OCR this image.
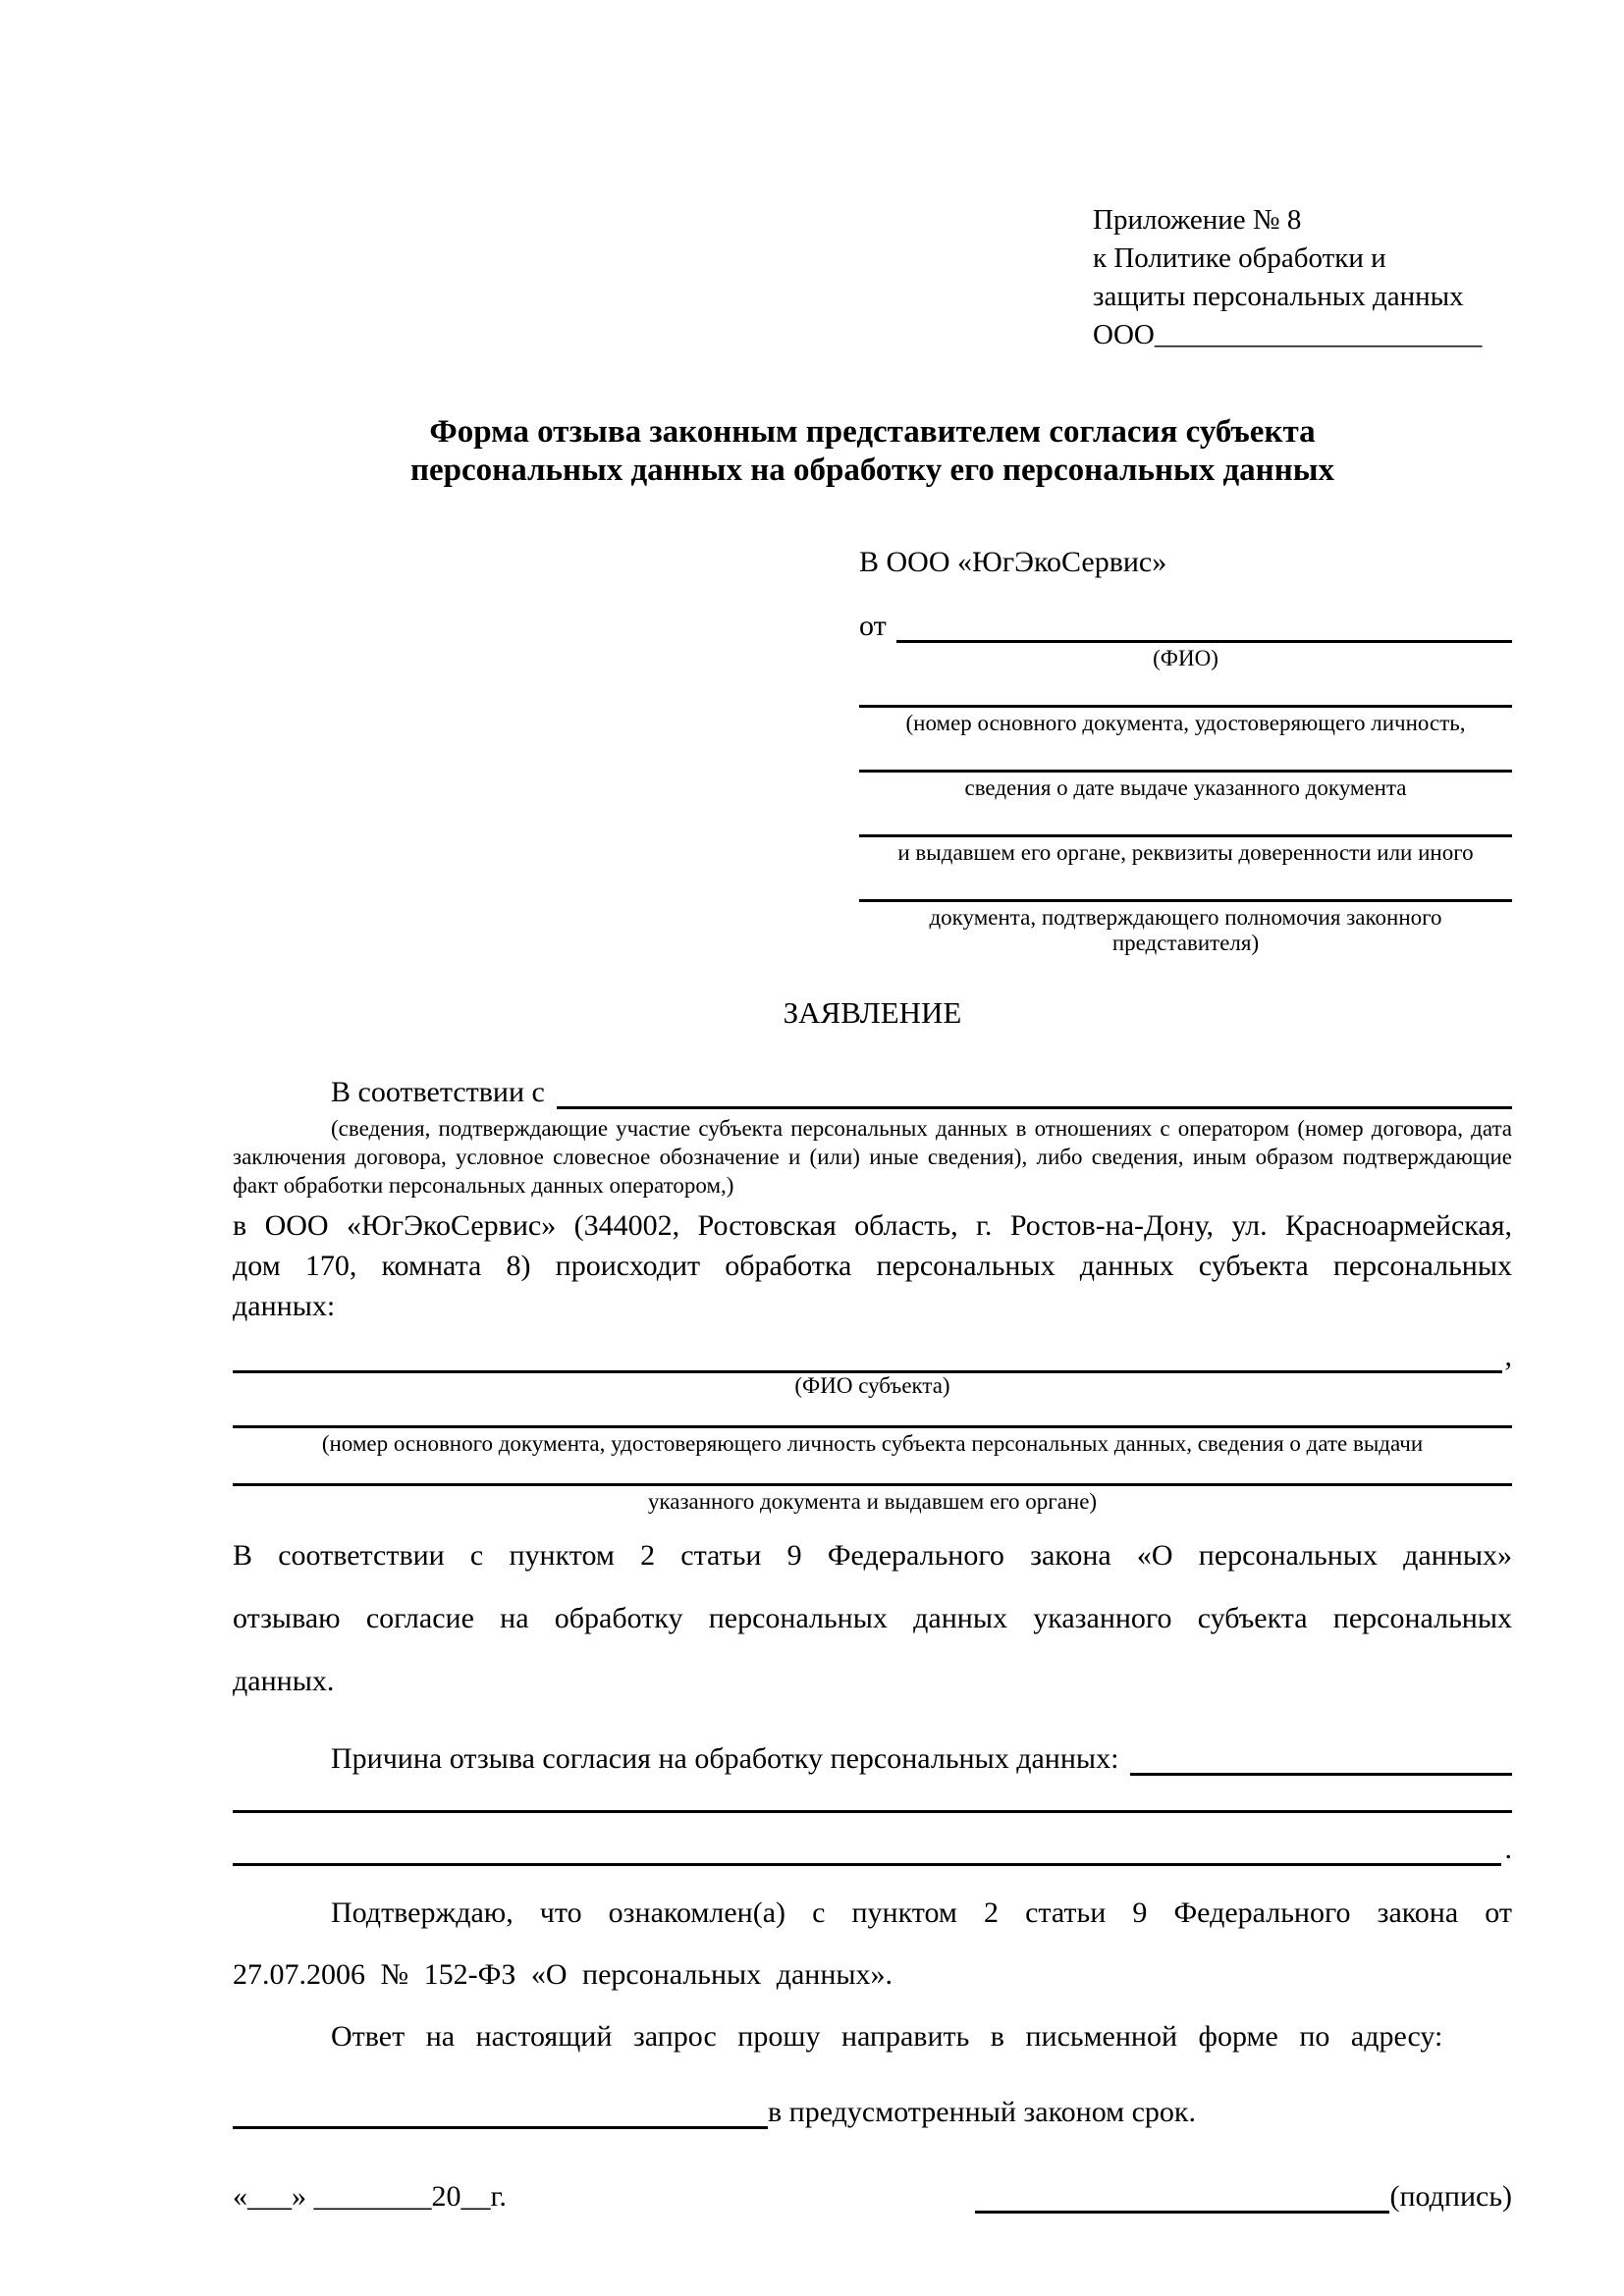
Приложение № 8
к Политике обработки и
защиты персональных данных
ООО_______________________
Форма отзыва законным представителем согласия субъекта персональных данных на обработку его персональных данных
В ООО «ЮгЭкоСервис»
от
(ФИО)
(номер основного документа, удостоверяющего личность,
сведения о дате выдаче указанного документа
и выдавшем его органе, реквизиты доверенности или иного
документа, подтверждающего полномочия законного представителя)
ЗАЯВЛЕНИЕ
В соответствии с
(сведения, подтверждающие участие субъекта персональных данных в отношениях с оператором (номер договора, дата заключения договора, условное словесное обозначение и (или) иные сведения), либо сведения, иным образом подтверждающие факт обработки персональных данных оператором,)
в ООО «ЮгЭкоСервис» (344002, Ростовская область, г. Ростов-на-Дону, ул. Красноармейская, дом 170, комната 8) происходит обработка персональных данных субъекта персональных данных:
,
(ФИО субъекта)
(номер основного документа, удостоверяющего личность субъекта персональных данных, сведения о дате выдачи
указанного документа и выдавшем его органе)
В соответствии с пунктом 2 статьи 9 Федерального закона «О персональных данных» отзываю согласие на обработку персональных данных указанного субъекта персональных данных.
Причина отзыва согласия на обработку персональных данных:
.
Подтверждаю, что ознакомлен(а) с пунктом 2 статьи 9 Федерального закона от 27.07.2006 № 152-ФЗ «О персональных данных».
Ответ на настоящий запрос прошу направить в письменной форме по адресу:
в предусмотренный законом срок.
«___» ________20__г.	(подпись)
